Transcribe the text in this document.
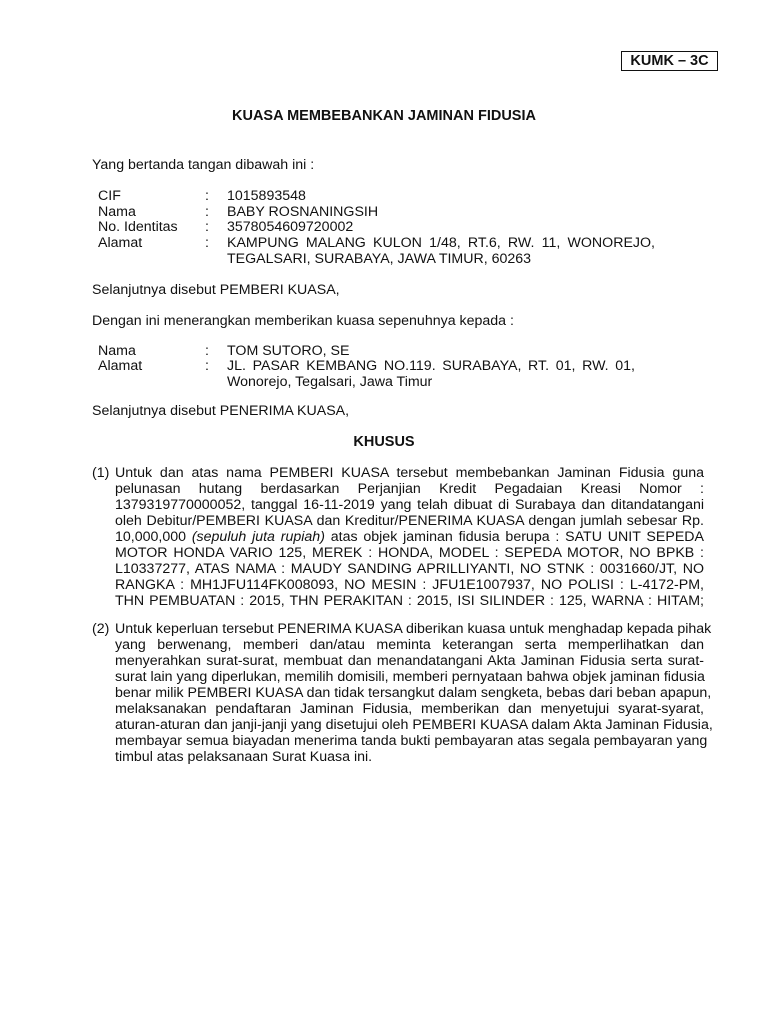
KUMK – 3C
KUASA MEMBEBANKAN JAMINAN FIDUSIA
Yang bertanda tangan dibawah ini :
CIF	: 1015893548
Nama	: BABY ROSNANINGSIH
No. Identitas : 3578054609720002
Alamat	: KAMPUNG MALANG KULON 1/48, RT.6, RW. 11, WONOREJO,
TEGALSARI, SURABAYA, JAWA TIMUR, 60263
Selanjutnya disebut PEMBERI KUASA,
Dengan ini menerangkan memberikan kuasa sepenuhnya kepada :
Nama	: TOM SUTORO, SE
Alamat	: JL. PASAR KEMBANG NO.119. SURABAYA, RT. 01, RW. 01,
Wonorejo, Tegalsari, Jawa Timur
Selanjutnya disebut PENERIMA KUASA,
KHUSUS
(1) Untuk dan atas nama PEMBERI KUASA tersebut membebankan Jaminan Fidusia guna
pelunasan hutang berdasarkan Perjanjian Kredit Pegadaian Kreasi Nomor :
1379319770000052, tanggal 16-11-2019 yang telah dibuat di Surabaya dan ditandatangani
oleh Debitur/PEMBERI KUASA dan Kreditur/PENERIMA KUASA dengan jumlah sebesar Rp.
10,000,000 (sepuluh juta rupiah) atas objek jaminan fidusia berupa : SATU UNIT SEPEDA
MOTOR HONDA VARIO 125, MEREK : HONDA, MODEL : SEPEDA MOTOR, NO BPKB :
L10337277, ATAS NAMA : MAUDY SANDING APRILLIYANTI, NO STNK : 0031660/JT, NO
RANGKA : MH1JFU114FK008093, NO MESIN : JFU1E1007937, NO POLISI : L-4172-PM,
THN PEMBUATAN : 2015, THN PERAKITAN : 2015, ISI SILINDER : 125, WARNA : HITAM;
(2) Untuk keperluan tersebut PENERIMA KUASA diberikan kuasa untuk menghadap kepada pihak
yang berwenang, memberi dan/atau meminta keterangan serta memperlihatkan dan
menyerahkan surat-surat, membuat dan menandatangani Akta Jaminan Fidusia serta surat-
surat lain yang diperlukan, memilih domisili, memberi pernyataan bahwa objek jaminan fidusia
benar milik PEMBERI KUASA dan tidak tersangkut dalam sengketa, bebas dari beban apapun,
melaksanakan pendaftaran Jaminan Fidusia, memberikan dan menyetujui syarat-syarat,
aturan-aturan dan janji-janji yang disetujui oleh PEMBERI KUASA dalam Akta Jaminan Fidusia,
membayar semua biayadan menerima tanda bukti pembayaran atas segala pembayaran yang
timbul atas pelaksanaan Surat Kuasa ini.
